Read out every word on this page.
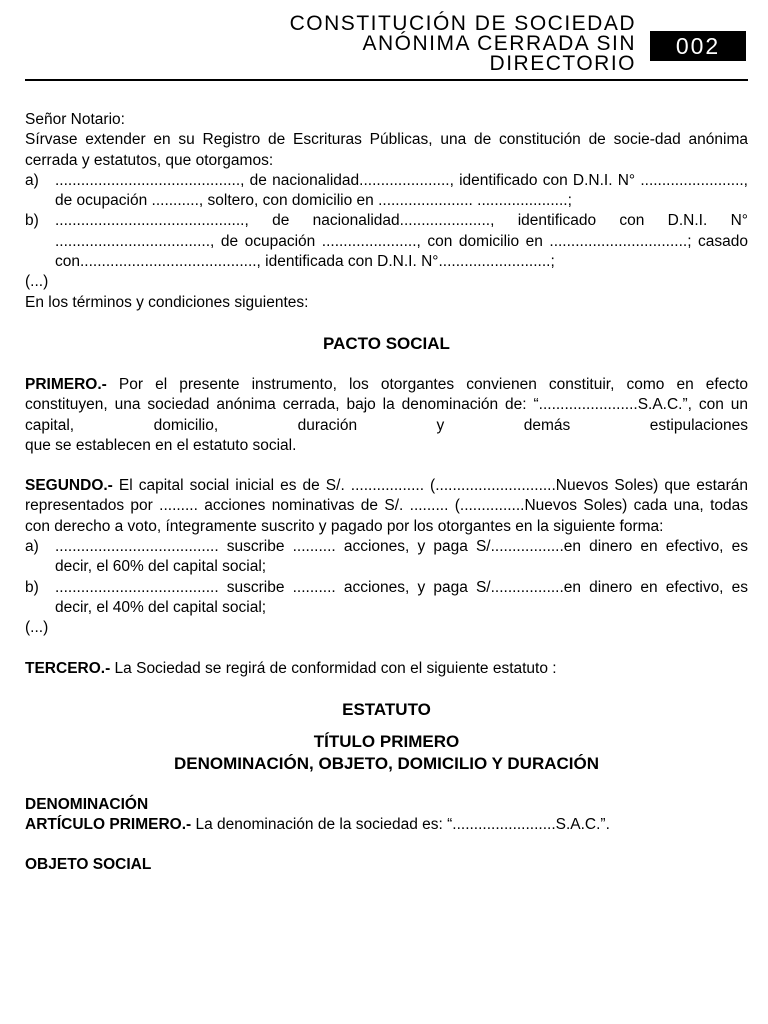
CONSTITUCIÓN DE SOCIEDAD
ANÓNIMA CERRADA SIN
DIRECTORIO
002

Señor Notario:

Sírvase extender en su Registro de Escrituras Públicas, una de constitución de socie-dad anónima cerrada y estatutos, que otorgamos:

a) ..........................................., de nacionalidad....................., identificado con D.N.I. N° ........................, de ocupación ..........., soltero, con domicilio en ...................... .....................;
b) ............................................, de nacionalidad....................., identificado con D.N.I. N° ...................................., de ocupación ......................, con domicilio en ................................; casado con........................................., identificada con D.N.I. N°..........................;

(...)

En los términos y condiciones siguientes:

PACTO SOCIAL

PRIMERO.- Por el presente instrumento, los otorgantes convienen constituir, como en efecto constituyen, una sociedad anónima cerrada, bajo la denominación de: “.......................S.A.C.”, con un capital, domicilio, duración y demás estipulaciones

que se establecen en el estatuto social.

SEGUNDO.- El capital social inicial es de S/. ................. (............................Nuevos Soles) que estarán representados por ......... acciones nominativas de S/. ......... (...............Nuevos Soles) cada una, todas con derecho a voto, íntegramente suscrito y pagado por los otorgantes en la siguiente forma:

a) ...................................... suscribe .......... acciones, y paga S/.................en dinero en efectivo, es decir, el 60% del capital social;
b) ...................................... suscribe .......... acciones, y paga S/.................en dinero en efectivo, es decir, el 40% del capital social;

(...)

TERCERO.- La Sociedad se regirá de conformidad con el siguiente estatuto :

ESTATUTO

TÍTULO PRIMERO

DENOMINACIÓN, OBJETO, DOMICILIO Y DURACIÓN

DENOMINACIÓN

ARTÍCULO PRIMERO.- La denominación de la sociedad es: “........................S.A.C.”.

OBJETO SOCIAL
